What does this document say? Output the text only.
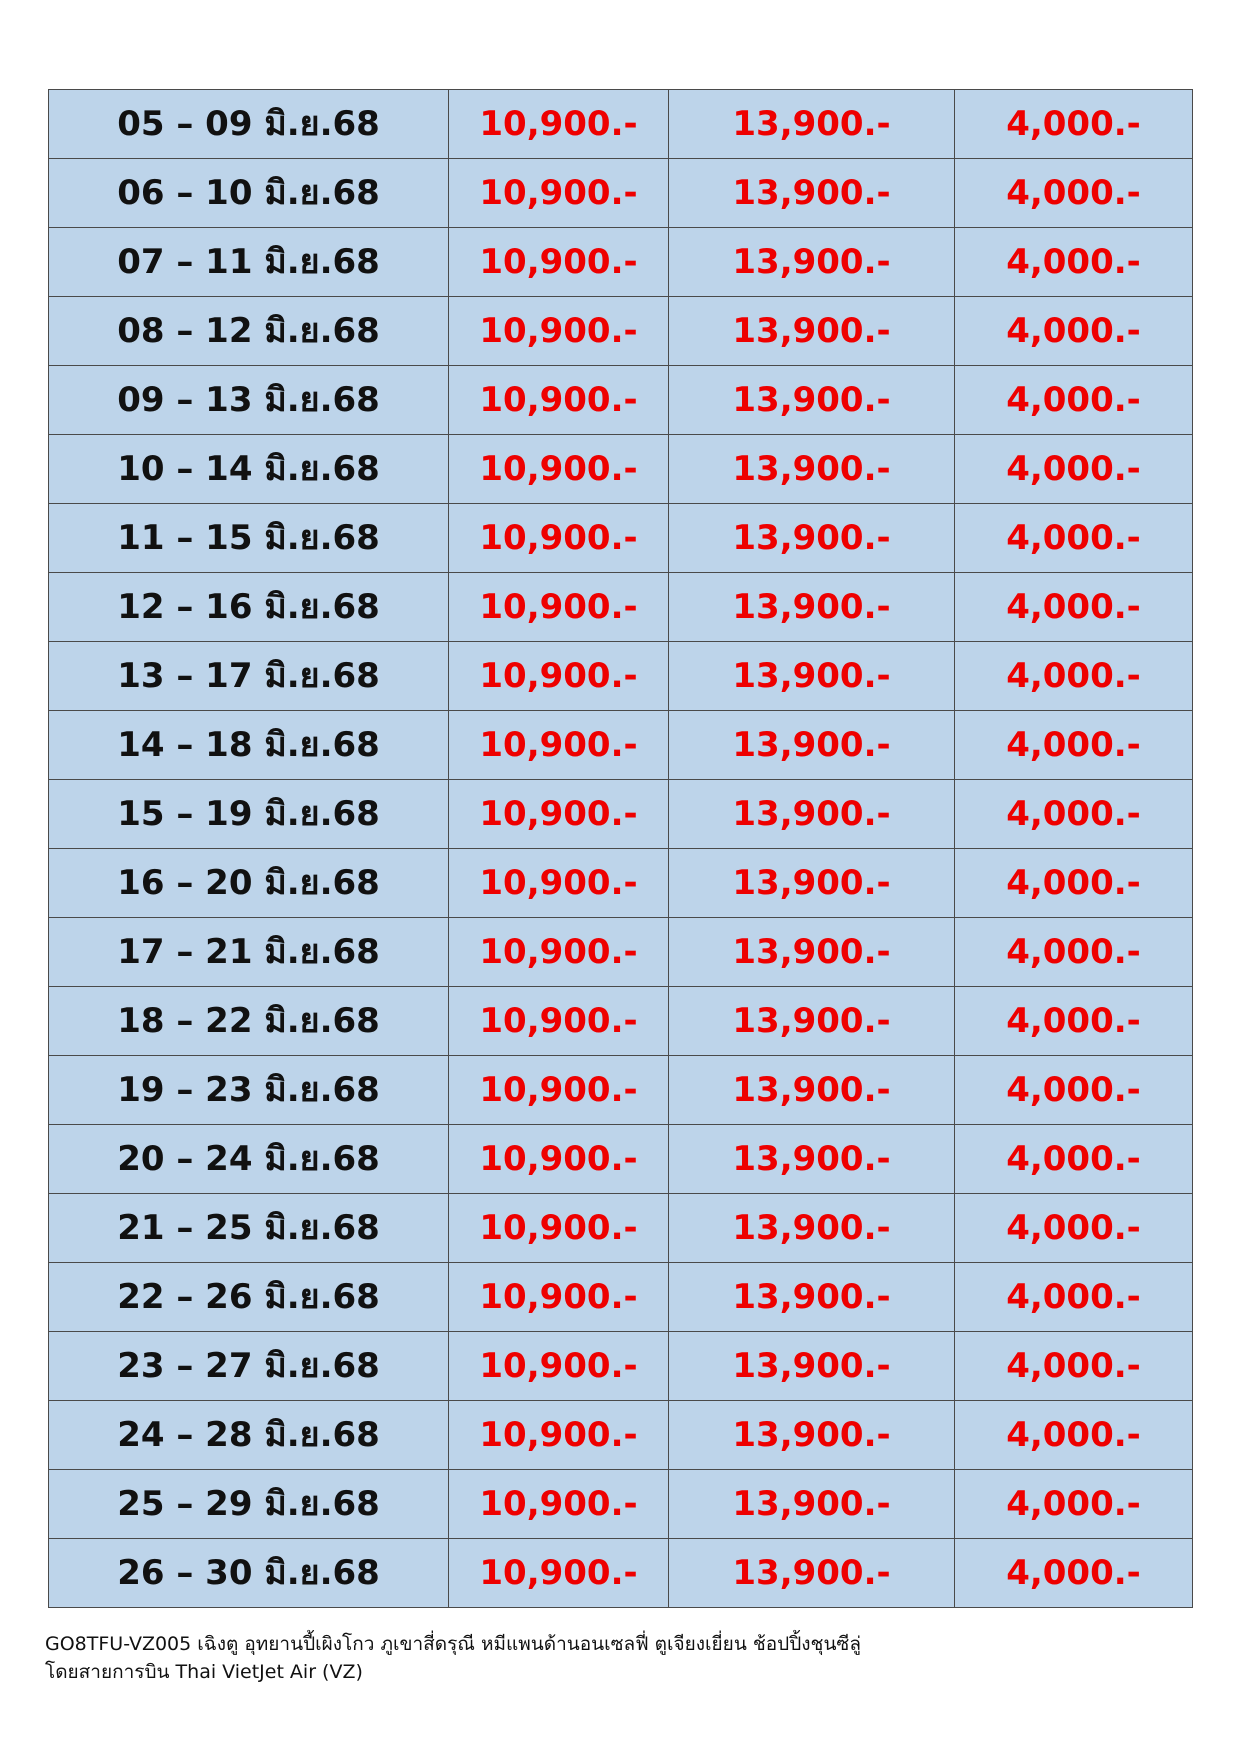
05 – 09 มิ.ย.68	10,900.-	13,900.-	4,000.-
06 – 10 มิ.ย.68	10,900.-	13,900.-	4,000.-
07 – 11 มิ.ย.68	10,900.-	13,900.-	4,000.-
08 – 12 มิ.ย.68	10,900.-	13,900.-	4,000.-
09 – 13 มิ.ย.68	10,900.-	13,900.-	4,000.-
10 – 14 มิ.ย.68	10,900.-	13,900.-	4,000.-
11 – 15 มิ.ย.68	10,900.-	13,900.-	4,000.-
12 – 16 มิ.ย.68	10,900.-	13,900.-	4,000.-
13 – 17 มิ.ย.68	10,900.-	13,900.-	4,000.-
14 – 18 มิ.ย.68	10,900.-	13,900.-	4,000.-
15 – 19 มิ.ย.68	10,900.-	13,900.-	4,000.-
16 – 20 มิ.ย.68	10,900.-	13,900.-	4,000.-
17 – 21 มิ.ย.68	10,900.-	13,900.-	4,000.-
18 – 22 มิ.ย.68	10,900.-	13,900.-	4,000.-
19 – 23 มิ.ย.68	10,900.-	13,900.-	4,000.-
20 – 24 มิ.ย.68	10,900.-	13,900.-	4,000.-
21 – 25 มิ.ย.68	10,900.-	13,900.-	4,000.-
22 – 26 มิ.ย.68	10,900.-	13,900.-	4,000.-
23 – 27 มิ.ย.68	10,900.-	13,900.-	4,000.-
24 – 28 มิ.ย.68	10,900.-	13,900.-	4,000.-
25 – 29 มิ.ย.68	10,900.-	13,900.-	4,000.-
26 – 30 มิ.ย.68	10,900.-	13,900.-	4,000.-
GO8TFU-VZ005 เฉิงตู อุทยานปี้เผิงโกว ภูเขาสี่ดรุณี หมีแพนด้านอนเซลฟี่ ตูเจียงเยี่ยน ช้อปปิ้งชุนซีลู่
โดยสายการบิน Thai VietJet Air (VZ)
